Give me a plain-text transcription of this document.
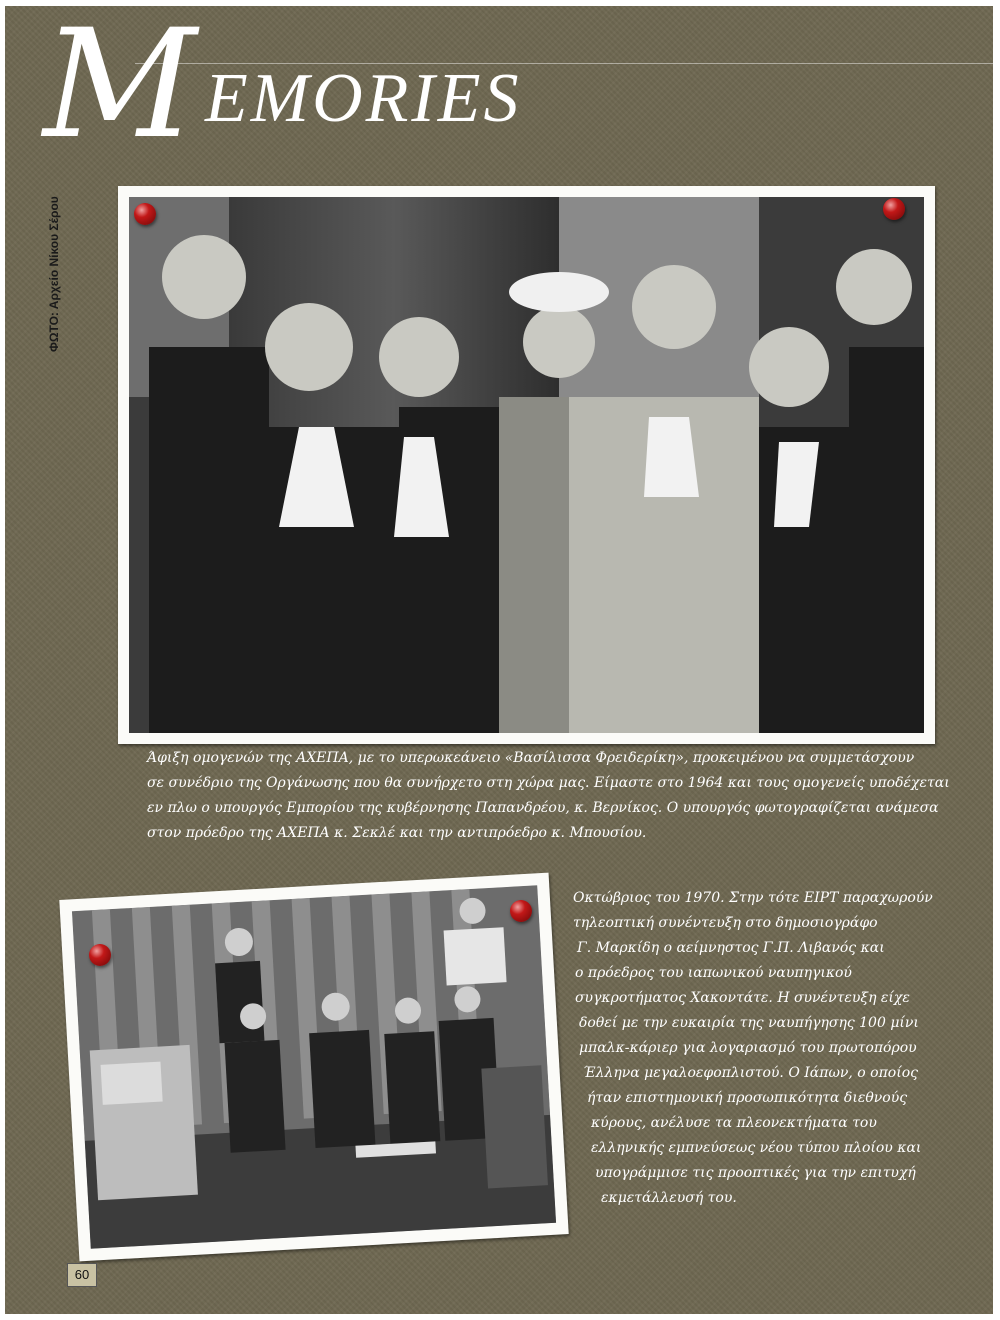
M EMORIES
ΦΩΤΟ: Αρχείο Νίκου Σέρου
Άφιξη ομογενών της ΑΧΕΠΑ, με το υπερωκεάνειο «Βασίλισσα Φρειδερίκη», προκειμένου να συμμετάσχουν
σε συνέδριο της Οργάνωσης που θα συνήρχετο στη χώρα μας. Είμαστε στο 1964 και τους ομογενείς υποδέχεται
εν πλω ο υπουργός Εμπορίου της κυβέρνησης Παπανδρέου, κ. Βερνίκος. Ο υπουργός φωτογραφίζεται ανάμεσα
στον πρόεδρο της ΑΧΕΠΑ κ. Σεκλέ και την αντιπρόεδρο κ. Μπουσίου.
Οκτώβριος του 1970. Στην τότε ΕΙΡΤ παραχωρούν
τηλεοπτική συνέντευξη στο δημοσιογράφο
Γ. Μαρκίδη ο αείμνηστος Γ.Π. Λιβανός και
ο πρόεδρος του ιαπωνικού ναυπηγικού
συγκροτήματος Χακοντάτε. Η συνέντευξη είχε
δοθεί με την ευκαιρία της ναυπήγησης 100 μίνι
μπαλκ-κάριερ για λογαριασμό του πρωτοπόρου
Έλληνα μεγαλοεφοπλιστού. Ο Ιάπων, ο οποίος
ήταν επιστημονική προσωπικότητα διεθνούς
κύρους, ανέλυσε τα πλεονεκτήματα του
ελληνικής εμπνεύσεως νέου τύπου πλοίου και
υπογράμμισε τις προοπτικές για την επιτυχή
εκμετάλλευσή του.
60
